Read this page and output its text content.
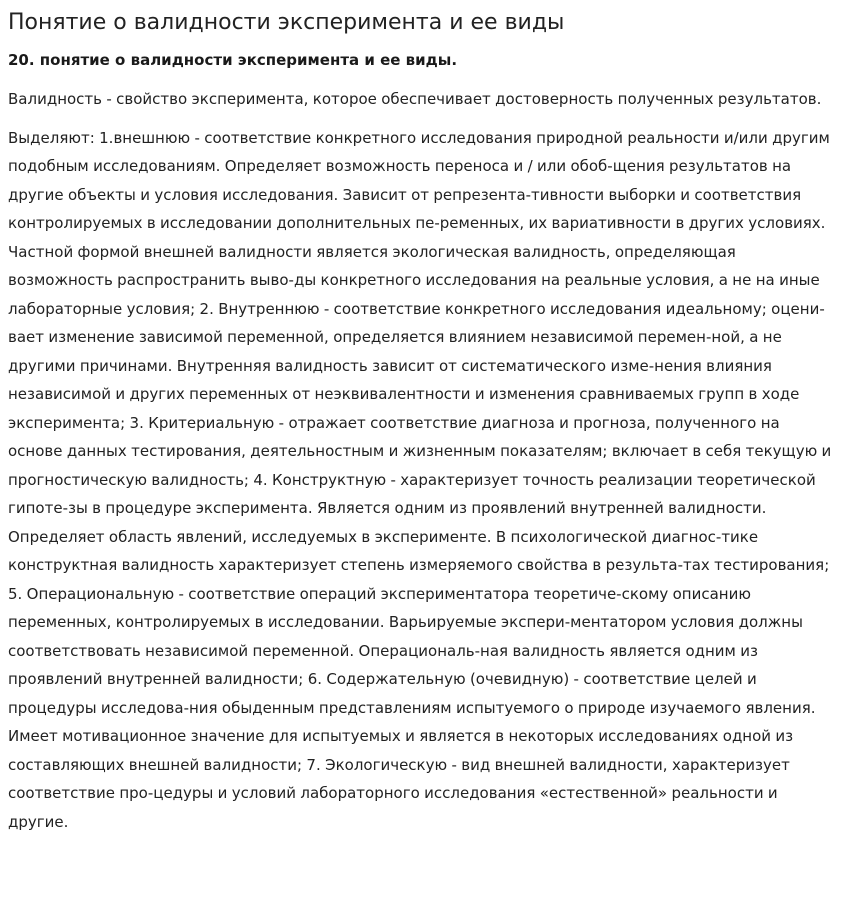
Понятие о валидности эксперимента и ее виды
20. понятие о валидности эксперимента и ее виды.

Валидность - свойство эксперимента, которое обеспечивает достоверность полученных результатов.

Выделяют: 1.внешнюю - соответствие конкретного исследования природной реальности и/или другим подобным исследованиям. Определяет возможность переноса и / или обоб-щения результатов на другие объекты и условия исследования. Зависит от репрезента-тивности выборки и соответствия контролируемых в исследовании дополнительных пе-ременных, их вариативности в других условиях. Частной формой внешней валидности является экологическая валидность, определяющая возможность распространить выво-ды конкретного исследования на реальные условия, а не на иные лабораторные условия; 2. Внутреннюю - соответствие конкретного исследования идеальному; оцени-вает изменение зависимой переменной, определяется влиянием независимой перемен-ной, а не другими причинами. Внутренняя валидность зависит от систематического изме-нения влияния независимой и других переменных от неэквивалентности и изменения сравниваемых групп в ходе эксперимента; 3. Критериальную - отражает соответствие диагноза и прогноза, полученного на основе данных тестирования, деятельностным и жизненным показателям; включает в себя текущую и прогностическую валидность; 4. Конструктную - характеризует точность реализации теоретической гипоте-зы в процедуре эксперимента. Является одним из проявлений внутренней валидности. Определяет область явлений, исследуемых в эксперименте. В психологической диагнос-тике конструктная валидность характеризует степень измеряемого свойства в результа-тах тестирования; 5. Операциональную - соответствие операций экспериментатора теоретиче-скому описанию переменных, контролируемых в исследовании. Варьируемые экспери-ментатором условия должны соответствовать независимой переменной. Операциональ-ная валидность является одним из проявлений внутренней валидности; 6. Содержательную (очевидную) - соответствие целей и процедуры исследова-ния обыденным представлениям испытуемого о природе изучаемого явления. Имеет мотивационное значение для испытуемых и является в некоторых исследованиях одной из составляющих внешней валидности; 7. Экологическую - вид внешней валидности, характеризует соответствие про-цедуры и условий лабораторного исследования «естественной» реальности и другие.
